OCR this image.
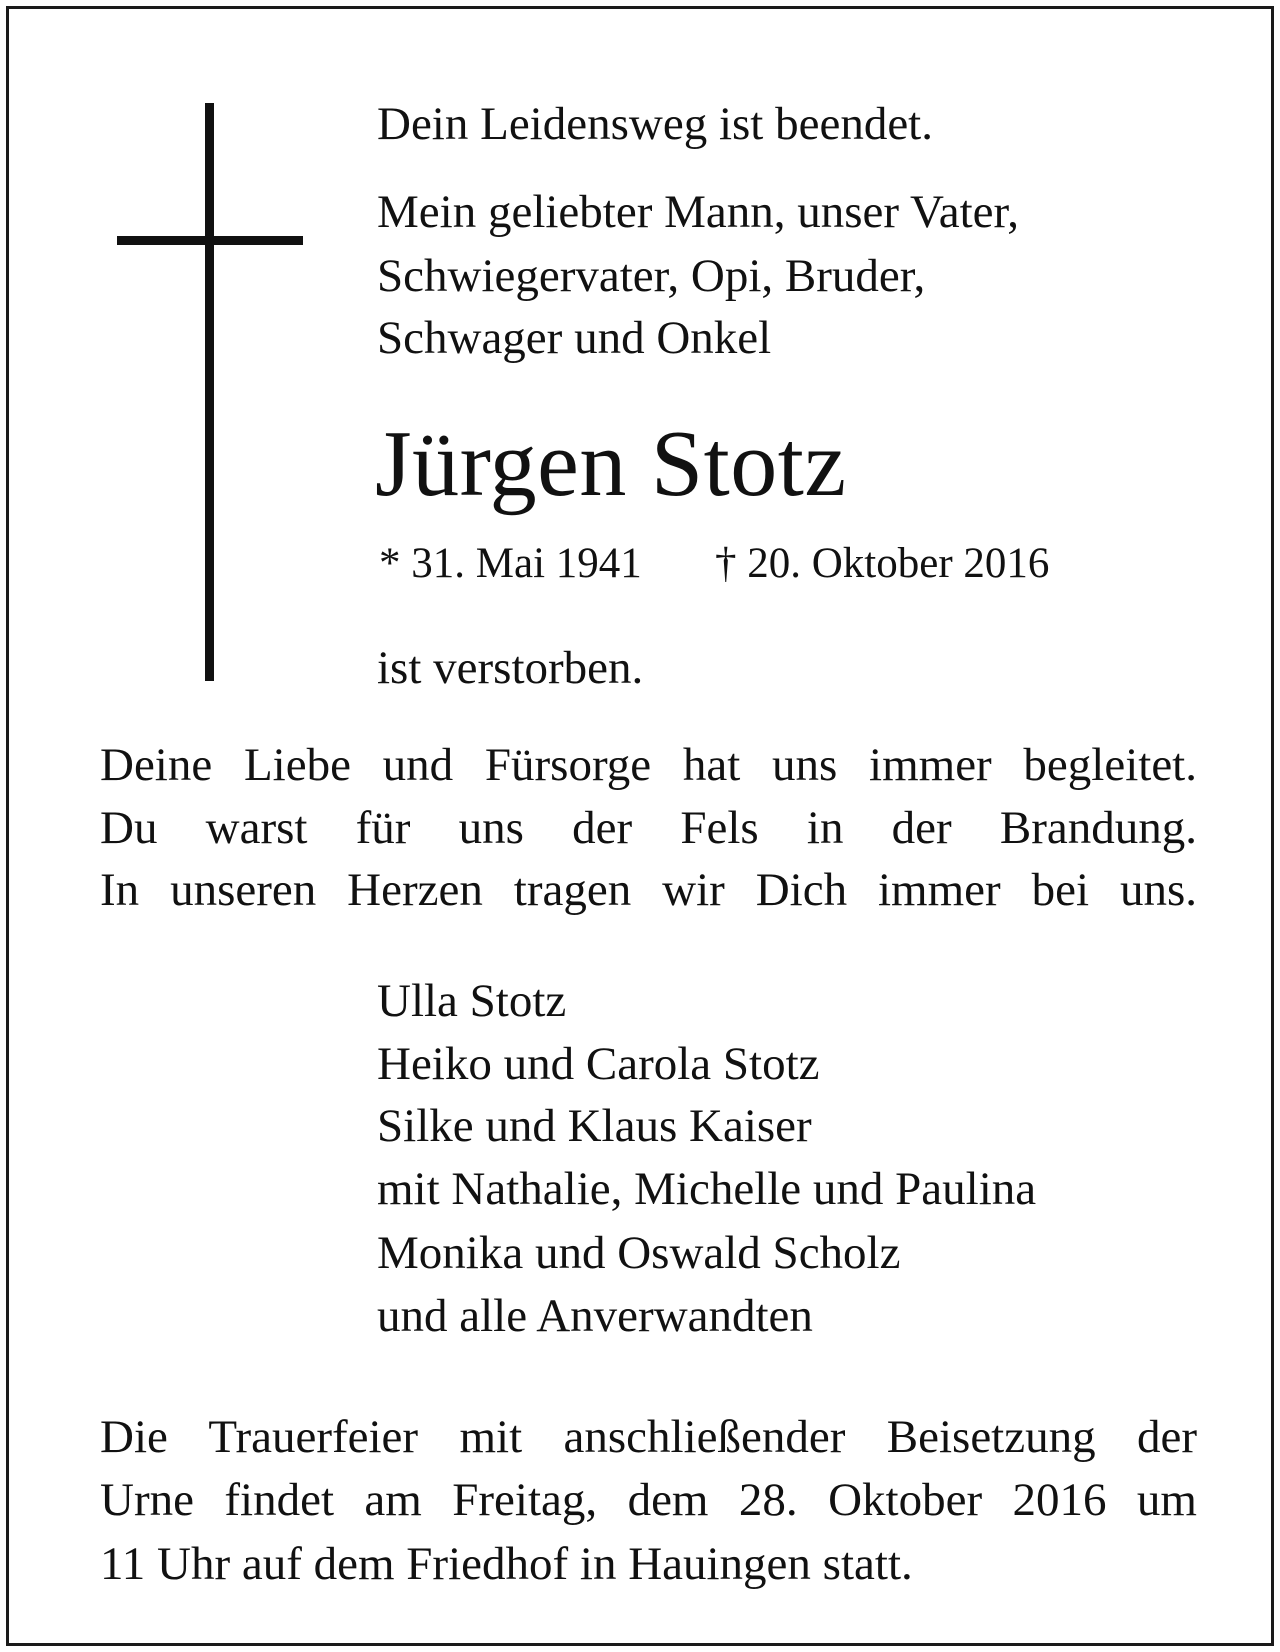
Dein Leidensweg ist beendet.
Mein geliebter Mann, unser Vater,
Schwiegervater, Opi, Bruder,
Schwager und Onkel
Jürgen Stotz
* 31. Mai 1941 † 20. Oktober 2016
ist verstorben.
Deine Liebe und Fürsorge hat uns immer begleitet.
Du warst für uns der Fels in der Brandung.
In unseren Herzen tragen wir Dich immer bei uns.
Ulla Stotz
Heiko und Carola Stotz
Silke und Klaus Kaiser
mit Nathalie, Michelle und Paulina
Monika und Oswald Scholz
und alle Anverwandten
Die Trauerfeier mit anschließender Beisetzung der
Urne findet am Freitag, dem 28. Oktober 2016 um
11 Uhr auf dem Friedhof in Hauingen statt.
